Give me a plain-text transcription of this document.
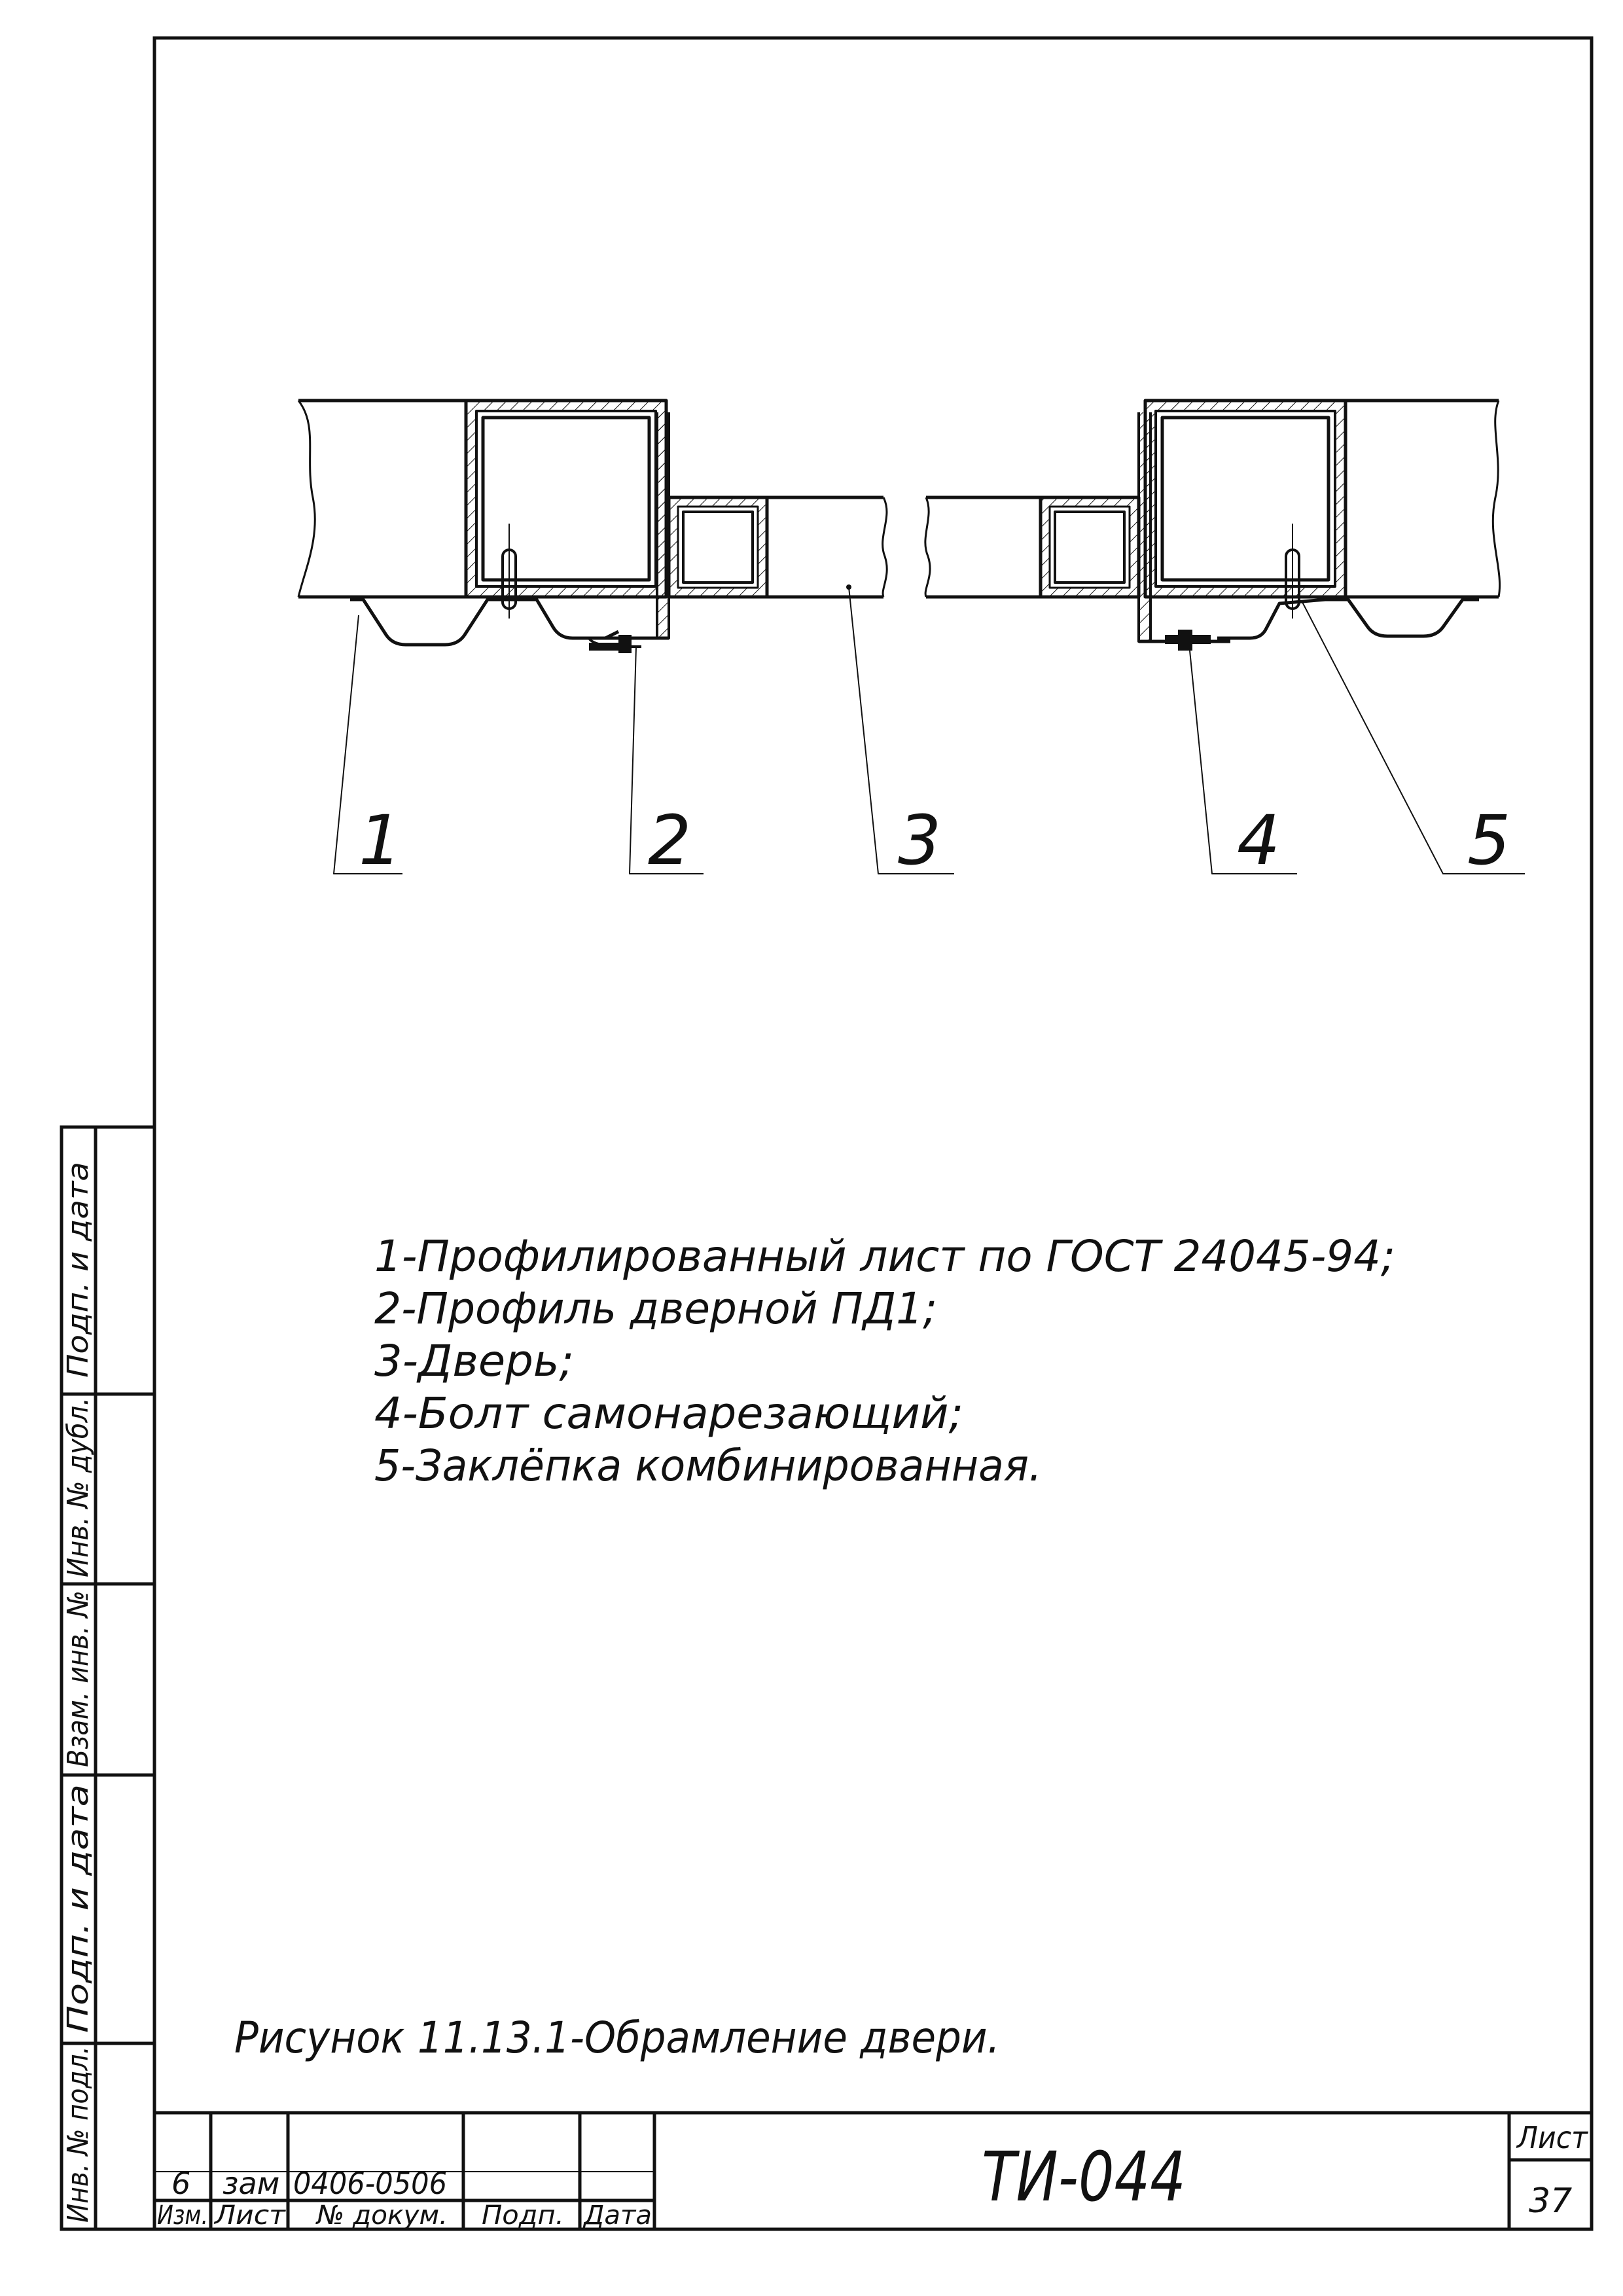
1	2	3	4	5
1-Профилированный лист по ГОСТ 24045-94;
2-Профиль дверной ПД1;
3-Дверь;
4-Болт самонарезающий;
5-Заклёпка комбинированная.
Рисунок 11.13.1-Обрамление двери.
Инв. № подл.
Подп. и дата
Взам. инв. №
Инв. № дубл.
Подп. и дата
6 зам 0406-0506
Изм. Лист № докум. Подп. Дата	ТИ-044	Лист
37
